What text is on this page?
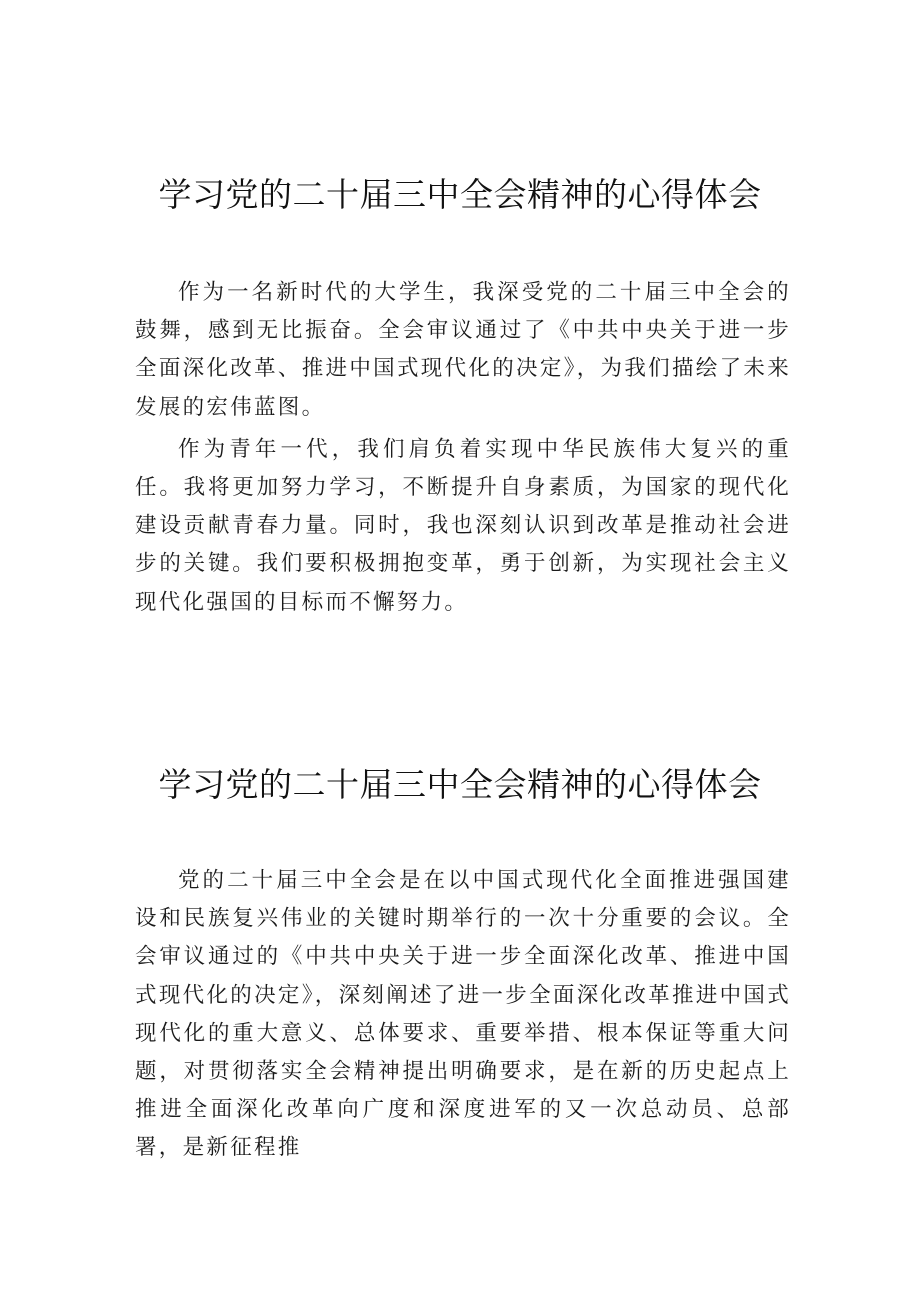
学习党的二十届三中全会精神的心得体会

作为一名新时代的大学生，我深受党的二十届三中全会的鼓舞，感到无比振奋。全会审议通过了《中共中央关于进一步全面深化改革、推进中国式现代化的决定》，为我们描绘了未来发展的宏伟蓝图。

作为青年一代，我们肩负着实现中华民族伟大复兴的重任。我将更加努力学习，不断提升自身素质，为国家的现代化建设贡献青春力量。同时，我也深刻认识到改革是推动社会进步的关键。我们要积极拥抱变革，勇于创新，为实现社会主义现代化强国的目标而不懈努力。

学习党的二十届三中全会精神的心得体会

党的二十届三中全会是在以中国式现代化全面推进强国建设和民族复兴伟业的关键时期举行的一次十分重要的会议。全会审议通过的《中共中央关于进一步全面深化改革、推进中国式现代化的决定》，深刻阐述了进一步全面深化改革推进中国式现代化的重大意义、总体要求、重要举措、根本保证等重大问题，对贯彻落实全会精神提出明确要求，是在新的历史起点上推进全面深化改革向广度和深度进军的又一次总动员、总部署，是新征程推
